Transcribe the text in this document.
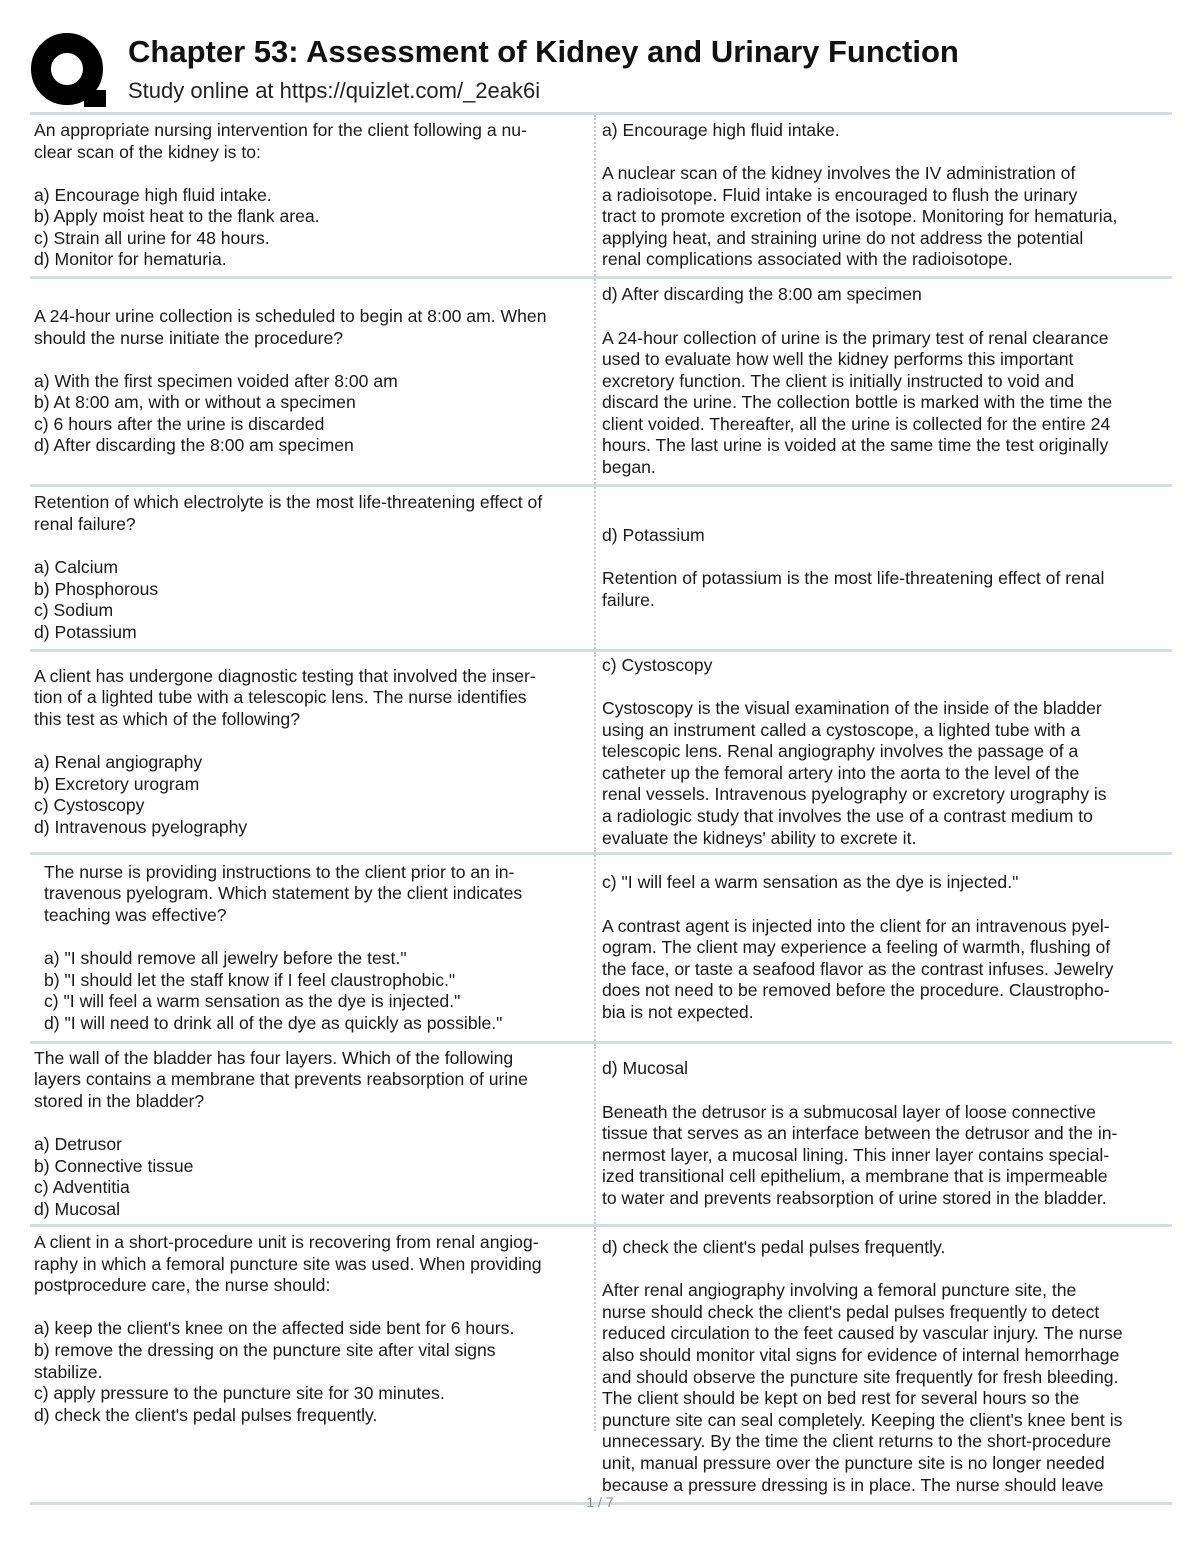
Chapter 53: Assessment of Kidney and Urinary Function
Study online at https://quizlet.com/_2eak6i
An appropriate nursing intervention for the client following a nu-
clear scan of the kidney is to:

a) Encourage high fluid intake.
b) Apply moist heat to the flank area.
c) Strain all urine for 48 hours.
d) Monitor for hematuria.
a) Encourage high fluid intake.

A nuclear scan of the kidney involves the IV administration of
a radioisotope. Fluid intake is encouraged to flush the urinary
tract to promote excretion of the isotope. Monitoring for hematuria,
applying heat, and straining urine do not address the potential
renal complications associated with the radioisotope.
A 24-hour urine collection is scheduled to begin at 8:00 am. When
should the nurse initiate the procedure?

a) With the first specimen voided after 8:00 am
b) At 8:00 am, with or without a specimen
c) 6 hours after the urine is discarded
d) After discarding the 8:00 am specimen
d) After discarding the 8:00 am specimen

A 24-hour collection of urine is the primary test of renal clearance
used to evaluate how well the kidney performs this important
excretory function. The client is initially instructed to void and
discard the urine. The collection bottle is marked with the time the
client voided. Thereafter, all the urine is collected for the entire 24
hours. The last urine is voided at the same time the test originally
began.
Retention of which electrolyte is the most life-threatening effect of
renal failure?

a) Calcium
b) Phosphorous
c) Sodium
d) Potassium
d) Potassium

Retention of potassium is the most life-threatening effect of renal
failure.
A client has undergone diagnostic testing that involved the inser-
tion of a lighted tube with a telescopic lens. The nurse identifies
this test as which of the following?

a) Renal angiography
b) Excretory urogram
c) Cystoscopy
d) Intravenous pyelography
c) Cystoscopy

Cystoscopy is the visual examination of the inside of the bladder
using an instrument called a cystoscope, a lighted tube with a
telescopic lens. Renal angiography involves the passage of a
catheter up the femoral artery into the aorta to the level of the
renal vessels. Intravenous pyelography or excretory urography is
a radiologic study that involves the use of a contrast medium to
evaluate the kidneys' ability to excrete it.
The nurse is providing instructions to the client prior to an in-
travenous pyelogram. Which statement by the client indicates
teaching was effective?

a) "I should remove all jewelry before the test."
b) "I should let the staff know if I feel claustrophobic."
c) "I will feel a warm sensation as the dye is injected."
d) "I will need to drink all of the dye as quickly as possible."
c) "I will feel a warm sensation as the dye is injected."

A contrast agent is injected into the client for an intravenous pyel-
ogram. The client may experience a feeling of warmth, flushing of
the face, or taste a seafood flavor as the contrast infuses. Jewelry
does not need to be removed before the procedure. Claustropho-
bia is not expected.
The wall of the bladder has four layers. Which of the following
layers contains a membrane that prevents reabsorption of urine
stored in the bladder?

a) Detrusor
b) Connective tissue
c) Adventitia
d) Mucosal
d) Mucosal

Beneath the detrusor is a submucosal layer of loose connective
tissue that serves as an interface between the detrusor and the in-
nermost layer, a mucosal lining. This inner layer contains special-
ized transitional cell epithelium, a membrane that is impermeable
to water and prevents reabsorption of urine stored in the bladder.
A client in a short-procedure unit is recovering from renal angiog-
raphy in which a femoral puncture site was used. When providing
postprocedure care, the nurse should:

a) keep the client's knee on the affected side bent for 6 hours.
b) remove the dressing on the puncture site after vital signs
stabilize.
c) apply pressure to the puncture site for 30 minutes.
d) check the client's pedal pulses frequently.
d) check the client's pedal pulses frequently.

After renal angiography involving a femoral puncture site, the
nurse should check the client's pedal pulses frequently to detect
reduced circulation to the feet caused by vascular injury. The nurse
also should monitor vital signs for evidence of internal hemorrhage
and should observe the puncture site frequently for fresh bleeding.
The client should be kept on bed rest for several hours so the
puncture site can seal completely. Keeping the client's knee bent is
unnecessary. By the time the client returns to the short-procedure
unit, manual pressure over the puncture site is no longer needed
because a pressure dressing is in place. The nurse should leave
1 / 7
